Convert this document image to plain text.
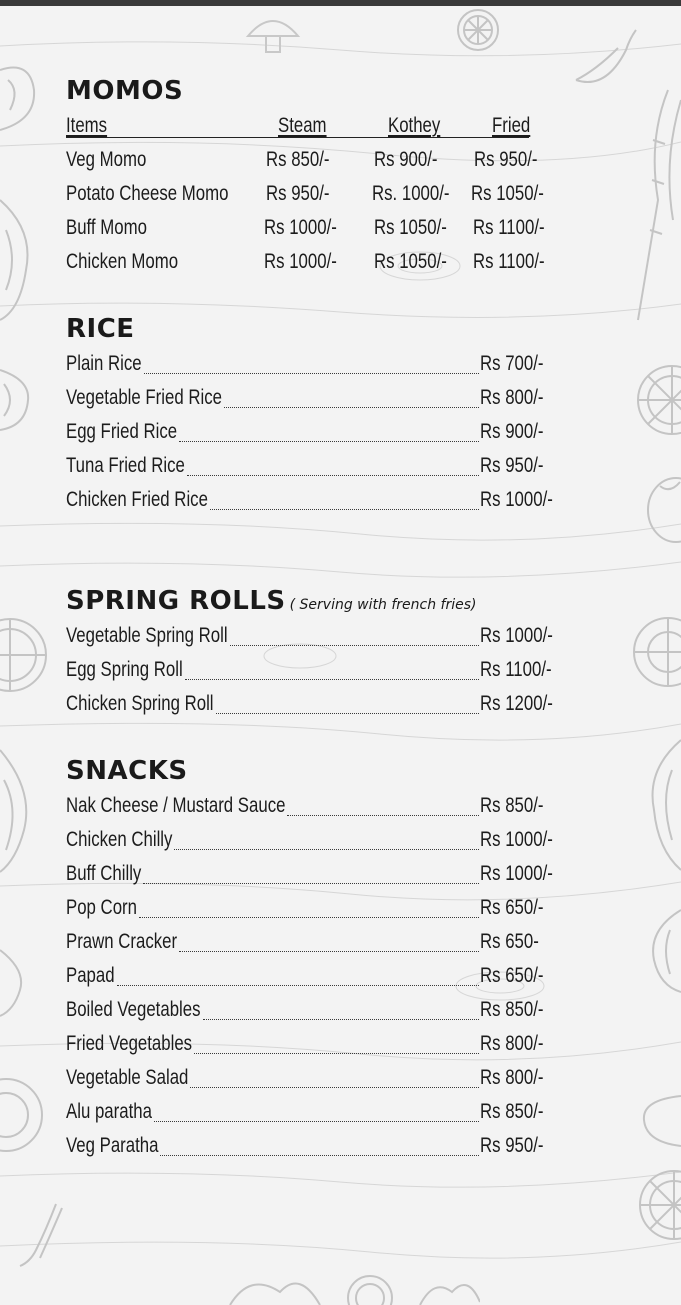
MOMOS
Items	Steam	Kothey Fried
Veg Momo	Rs 850/- Rs 900/- Rs 950/-
Potato Cheese Momo Rs 950/- Rs. 1000/- Rs 1050/-
Buff Momo	Rs 1000/- Rs 1050/- Rs 1100/-
Chicken Momo	Rs 1000/- Rs 1050/- Rs 1100/-
RICE
Plain Rice	Rs 700/-
Vegetable Fried Rice	Rs 800/-
Egg Fried Rice	Rs 900/-
Tuna Fried Rice	Rs 950/-
Chicken Fried Rice	Rs 1000/-
SPRING ROLLS ( Serving with french fries)
Vegetable Spring Roll	Rs 1000/-
Egg Spring Roll	Rs 1100/-
Chicken Spring Roll	Rs 1200/-
SNACKS
Nak Cheese / Mustard Sauce	Rs 850/-
Chicken Chilly	Rs 1000/-
Buff Chilly	Rs 1000/-
Pop Corn	Rs 650/-
Prawn Cracker	Rs 650-
Papad	Rs 650/-
Boiled Vegetables	Rs 850/-
Fried Vegetables	Rs 800/-
Vegetable Salad	Rs 800/-
Alu paratha	Rs 850/-
Veg Paratha	Rs 950/-
